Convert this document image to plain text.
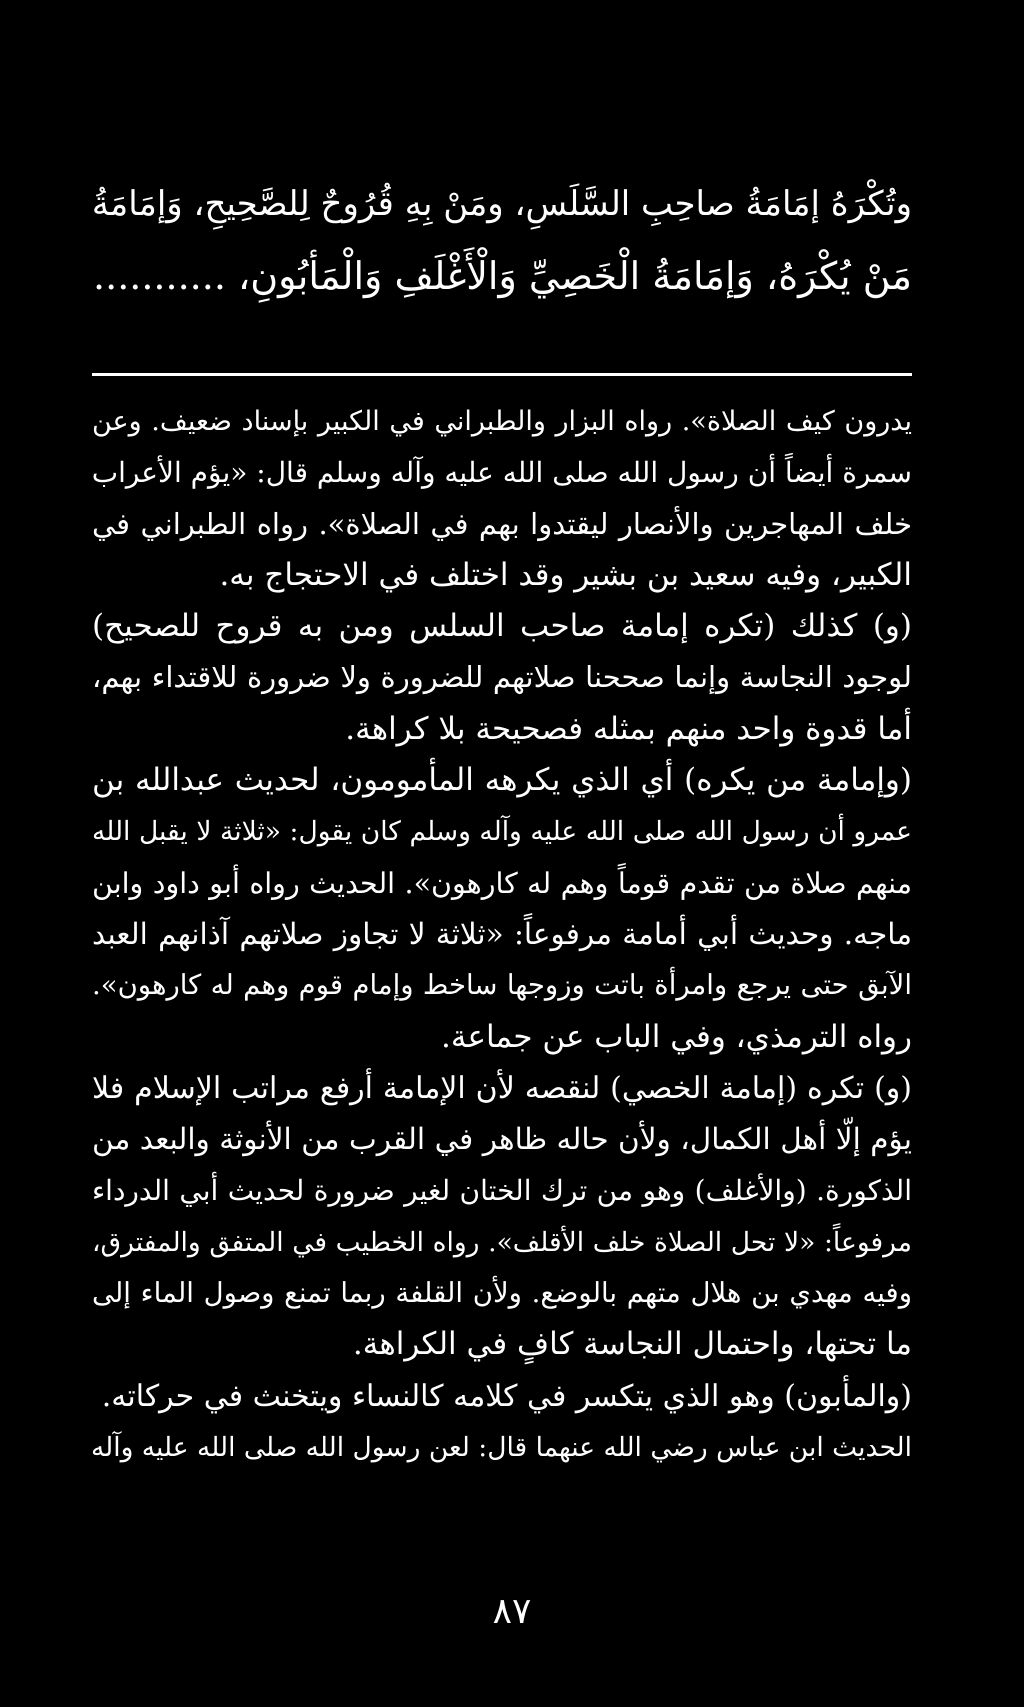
وتُكْرَهُ إمَامَةُ صاحِبِ السَّلَسِ، ومَنْ بِهِ قُرُوحٌ لِلصَّحِيحِ، وَإمَامَةُ
مَنْ يُكْرَهُ، وَإمَامَةُ الْخَصِيِّ وَالْأَغْلَفِ وَالْمَأبُونِ، ...........
يدرون كيف الصلاة». رواه البزار والطبراني في الكبير بإسناد ضعيف. وعن
سمرة أيضاً أن رسول الله صلى الله عليه وآله وسلم قال: «يؤم الأعراب
خلف المهاجرين والأنصار ليقتدوا بهم في الصلاة». رواه الطبراني في
الكبير، وفيه سعيد بن بشير وقد اختلف في الاحتجاج به.
(و) كذلك (تكره إمامة صاحب السلس ومن به قروح للصحيح)
لوجود النجاسة وإنما صححنا صلاتهم للضرورة ولا ضرورة للاقتداء بهم،
أما قدوة واحد منهم بمثله فصحيحة بلا كراهة.
(وإمامة من يكره) أي الذي يكرهه المأمومون، لحديث عبدالله بن
عمرو أن رسول الله صلى الله عليه وآله وسلم كان يقول: «ثلاثة لا يقبل الله
منهم صلاة من تقدم قوماً وهم له كارهون». الحديث رواه أبو داود وابن
ماجه. وحديث أبي أمامة مرفوعاً: «ثلاثة لا تجاوز صلاتهم آذانهم العبد
الآبق حتى يرجع وامرأة باتت وزوجها ساخط وإمام قوم وهم له كارهون».
رواه الترمذي، وفي الباب عن جماعة.
(و) تكره (إمامة الخصي) لنقصه لأن الإمامة أرفع مراتب الإسلام فلا
يؤم إلّا أهل الكمال، ولأن حاله ظاهر في القرب من الأنوثة والبعد من
الذكورة. (والأغلف) وهو من ترك الختان لغير ضرورة لحديث أبي الدرداء
مرفوعاً: «لا تحل الصلاة خلف الأقلف». رواه الخطيب في المتفق والمفترق،
وفيه مهدي بن هلال متهم بالوضع. ولأن القلفة ربما تمنع وصول الماء إلى
ما تحتها، واحتمال النجاسة كافٍ في الكراهة.
(والمأبون) وهو الذي يتكسر في كلامه كالنساء ويتخنث في حركاته.
الحديث ابن عباس رضي الله عنهما قال: لعن رسول الله صلى الله عليه وآله
٨٧
